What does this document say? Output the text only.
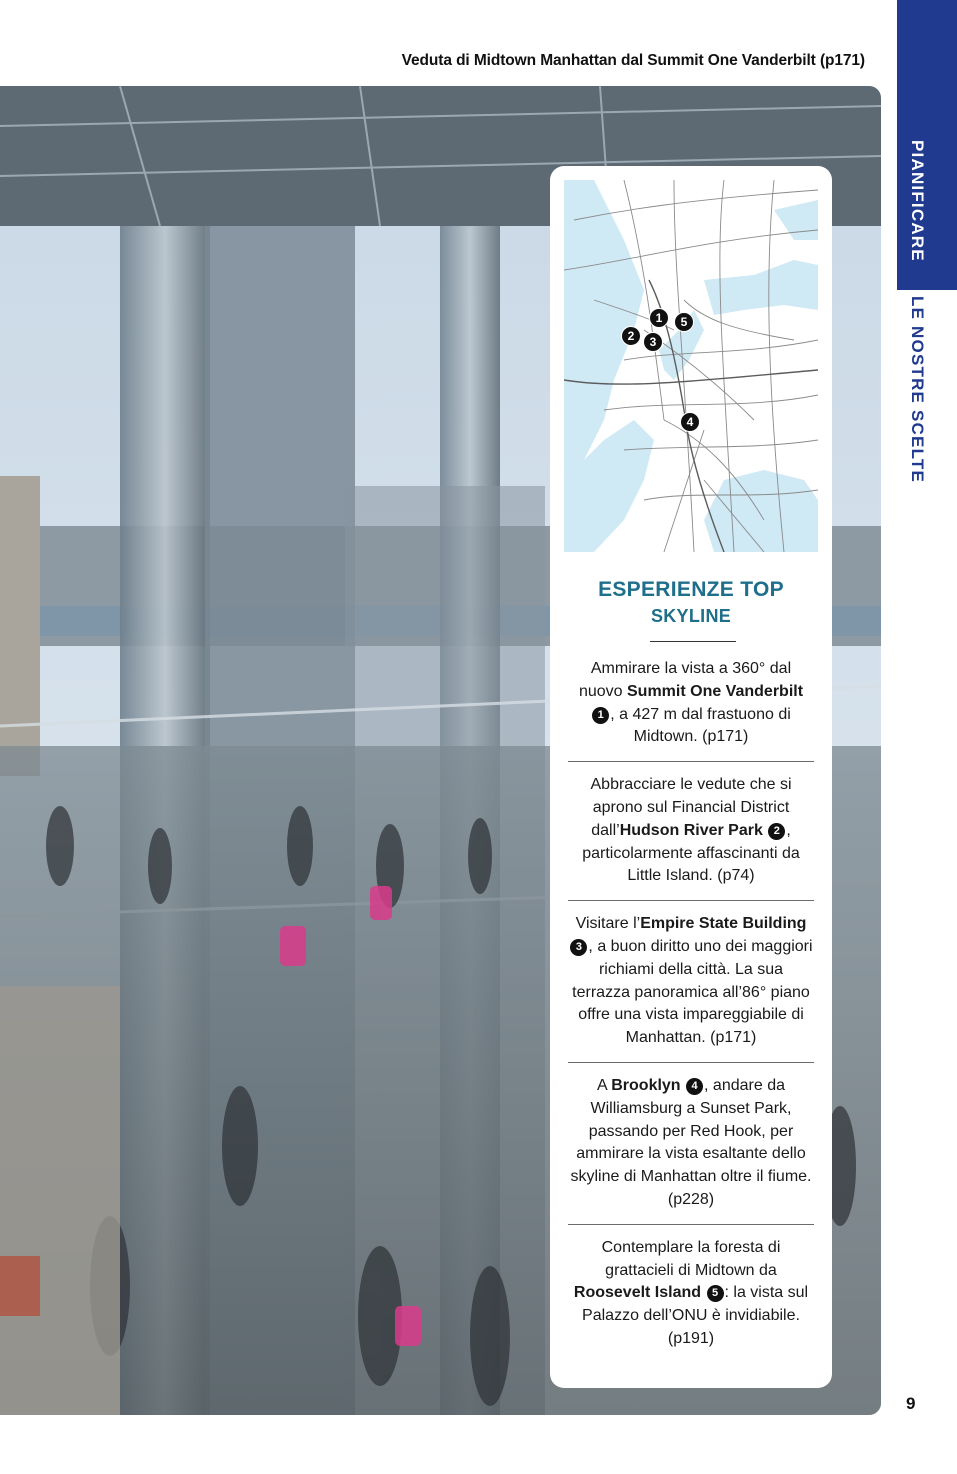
Veduta di Midtown Manhattan dal Summit One Vanderbilt (p171)
PIANIFICARE
LE NOSTRE SCELTE
9
1
2	3
4
5
ESPERIENZE TOP
SKYLINE
Ammirare la vista a 360° dal nuovo Summit One Vanderbilt 1 , a 427 m dal frastuono di Midtown. (p171)
Abbracciare le vedute che si aprono sul Financial District dall’Hudson River Park 2 , particolarmente affascinanti da Little Island. (p74)
Visitare l’Empire State Building 3 , a buon diritto uno dei maggiori richiami della città. La sua terrazza panoramica all’86° piano offre una vista impareggiabile di Manhattan. (p171)
A Brooklyn 4 , andare da Williamsburg a Sunset Park, passando per Red Hook, per ammirare la vista esaltante dello skyline di Manhattan oltre il fiume. (p228)
Contemplare la foresta di grattacieli di Midtown da Roosevelt Island 5 : la vista sul Palazzo dell’ONU è invidiabile. (p191)
